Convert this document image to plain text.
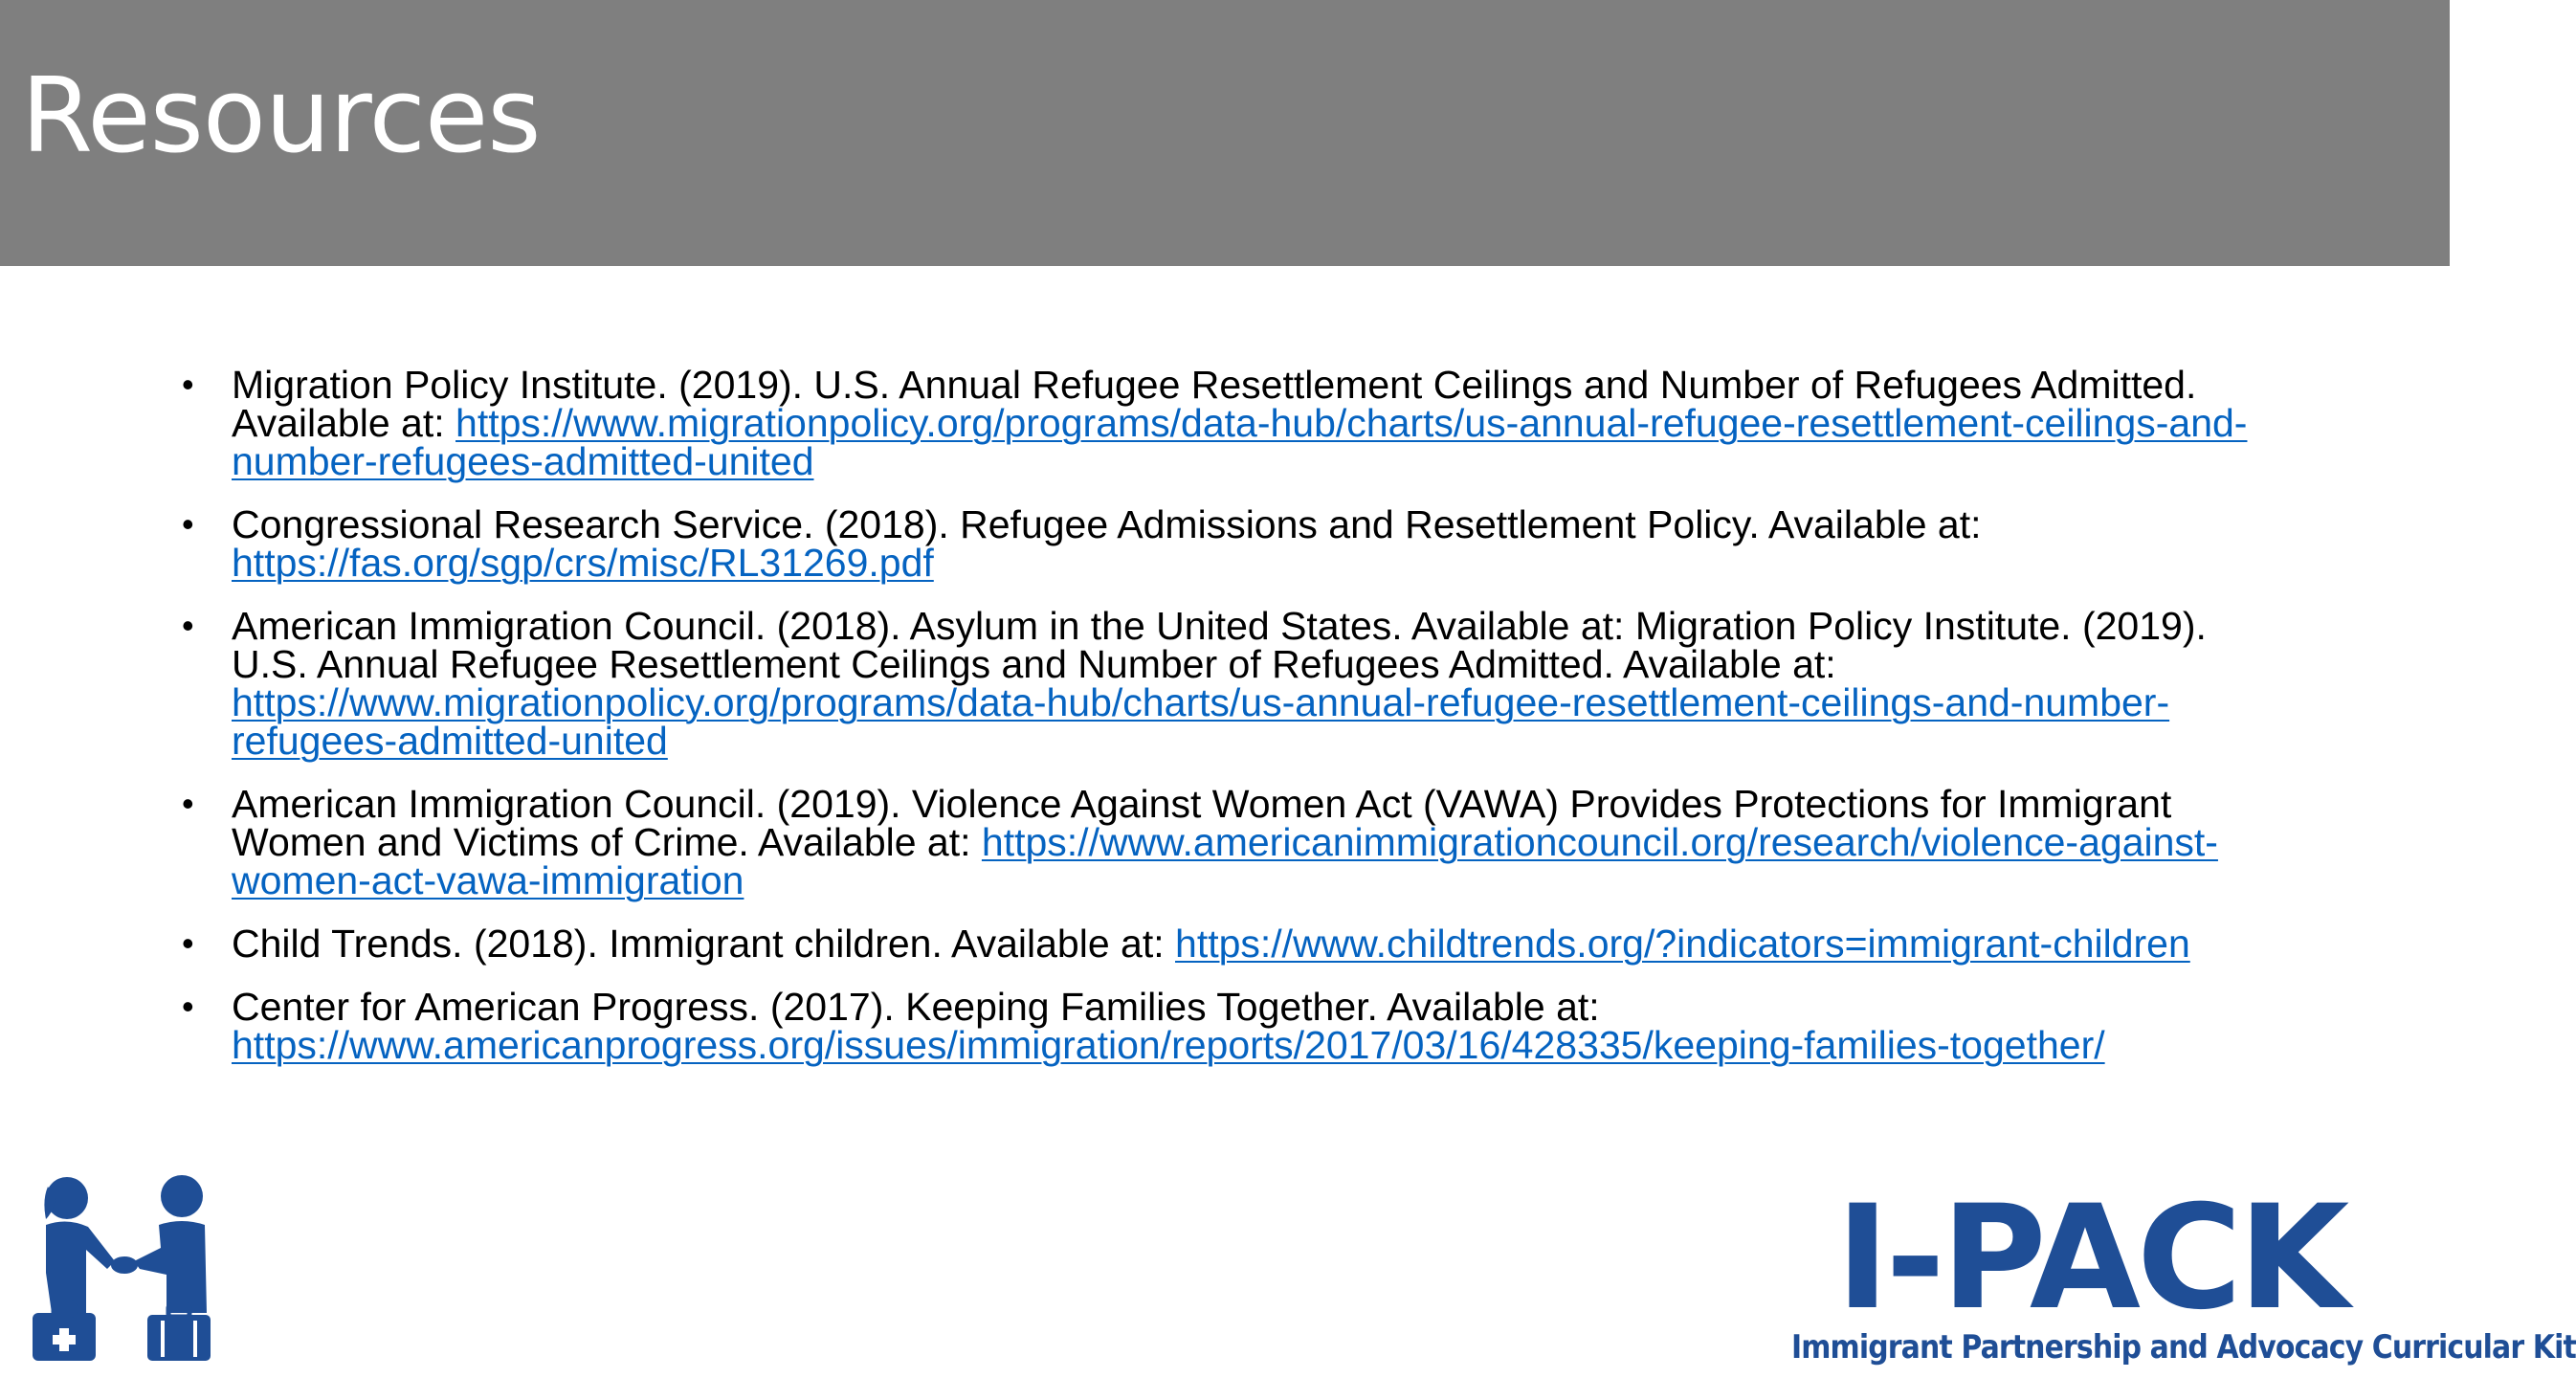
Resources
• Migration Policy Institute. (2019). U.S. Annual Refugee Resettlement Ceilings and Number of Refugees Admitted. Available at: https://www.migrationpolicy.org/programs/data-hub/charts/us-annual-refugee-resettlement-ceilings-and-number-refugees-admitted-united
• Congressional Research Service. (2018). Refugee Admissions and Resettlement Policy. Available at:
https://fas.org/sgp/crs/misc/RL31269.pdf
• American Immigration Council. (2018). Asylum in the United States. Available at: Migration Policy Institute. (2019). U.S. Annual Refugee Resettlement Ceilings and Number of Refugees Admitted. Available at: https://www.migrationpolicy.org/programs/data-hub/charts/us-annual-refugee-resettlement-ceilings-and-number-refugees-admitted-united
• American Immigration Council. (2019). Violence Against Women Act (VAWA) Provides Protections for Immigrant Women and Victims of Crime. Available at: https://www.americanimmigrationcouncil.org/research/violence-against-women-act-vawa-immigration
• Child Trends. (2018). Immigrant children. Available at: https://www.childtrends.org/?indicators=immigrant-children
• Center for American Progress. (2017). Keeping Families Together. Available at:
https://www.americanprogress.org/issues/immigration/reports/2017/03/16/428335/keeping-families-together/
I-PACK
Immigrant Partnership and Advocacy Curricular Kit
